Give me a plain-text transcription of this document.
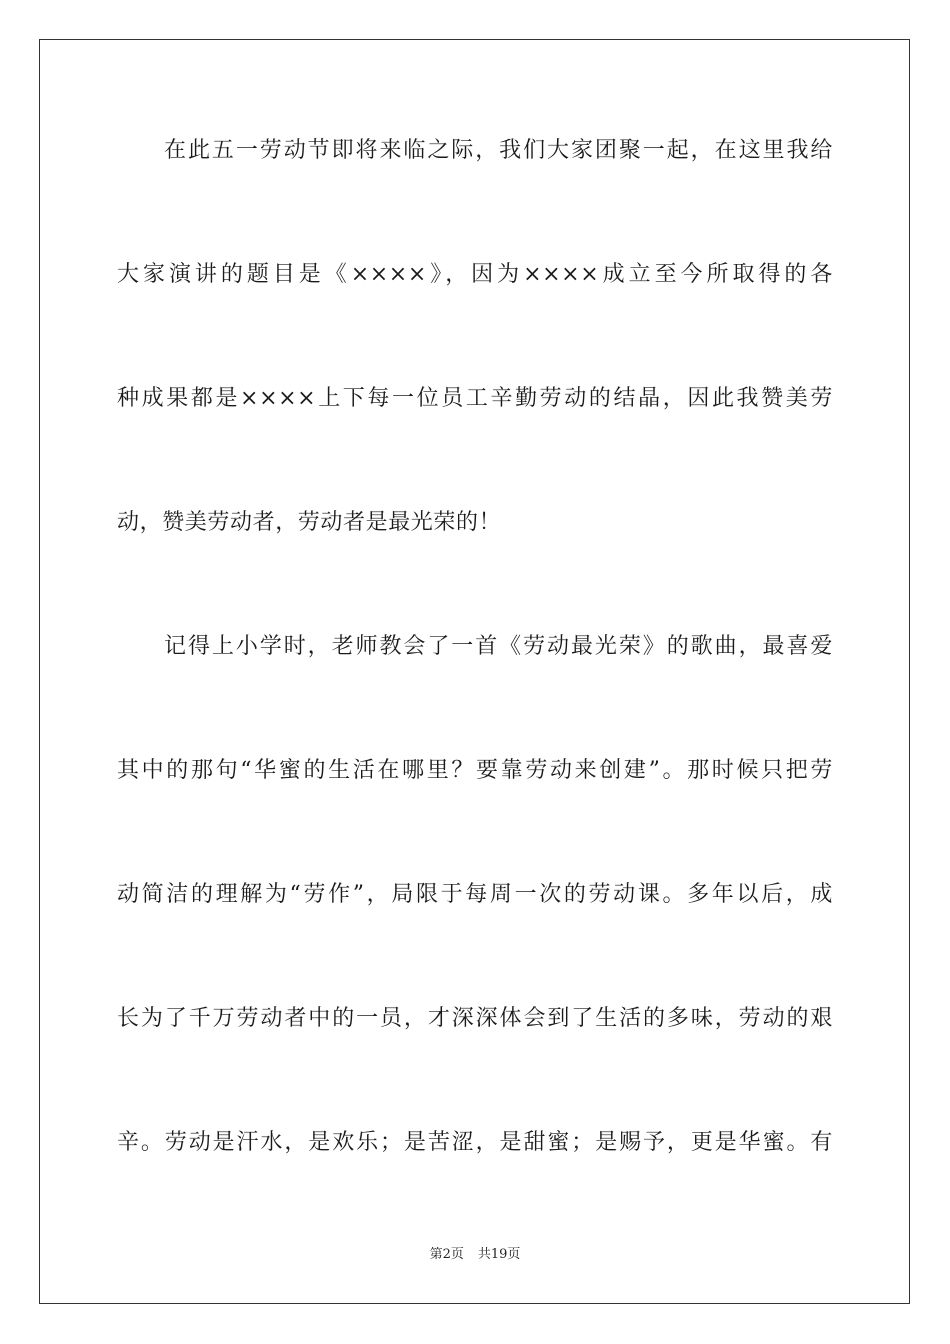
在此五一劳动节即将来临之际，我们大家团聚一起，在这里我给
大家演讲的题目是《××××》，因为××××成立至今所取得的各
种成果都是××××上下每一位员工辛勤劳动的结晶，因此我赞美劳
动，赞美劳动者，劳动者是最光荣的！
记得上小学时，老师教会了一首《劳动最光荣》的歌曲，最喜爱
其中的那句“华蜜的生活在哪里？要靠劳动来创建”。那时候只把劳
动简洁的理解为“劳作”，局限于每周一次的劳动课。多年以后，成
长为了千万劳动者中的一员，才深深体会到了生活的多味，劳动的艰
辛。劳动是汗水，是欢乐；是苦涩，是甜蜜；是赐予，更是华蜜。有
第2页 共19页
